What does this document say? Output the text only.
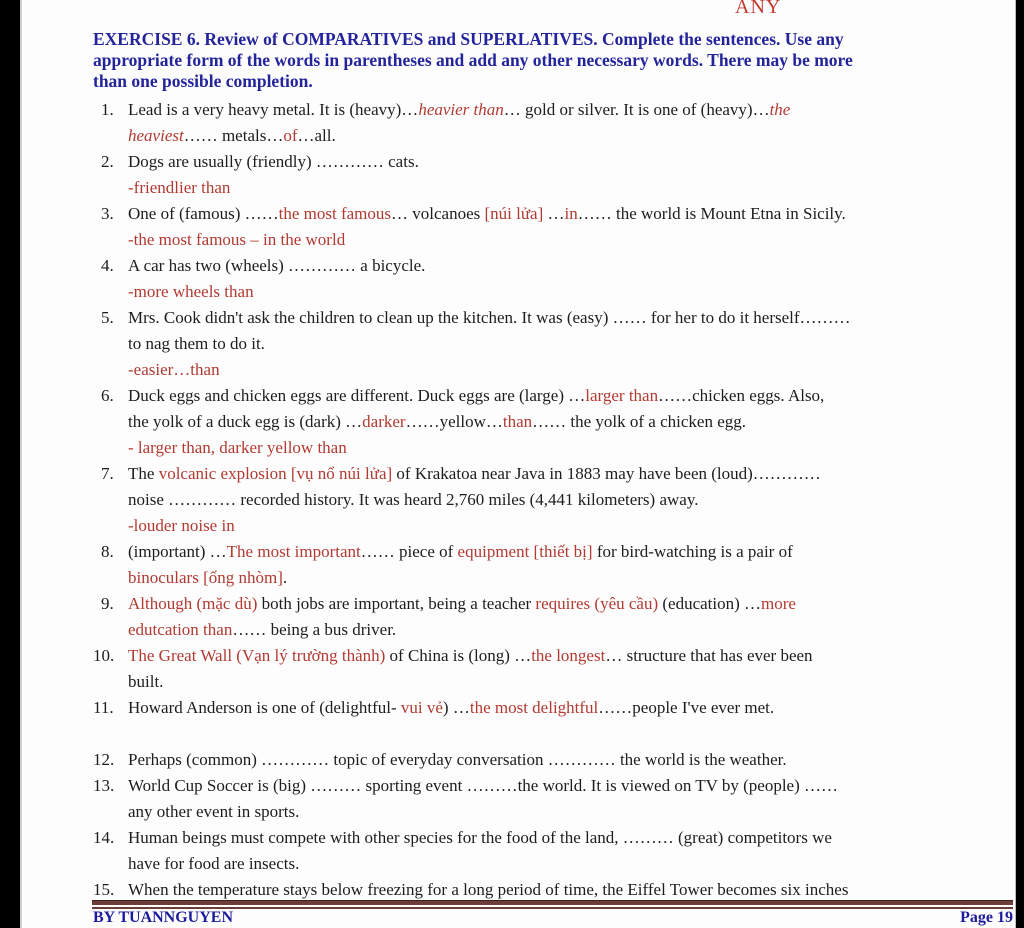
ANY
EXERCISE 6. Review of COMPARATIVES and SUPERLATIVES. Complete the sentences. Use any
appropriate form of the words in parentheses and add any other necessary words. There may be more
than one possible completion.
1. Lead is a very heavy metal. It is (heavy)…heavier than… gold or silver. It is one of (heavy)…the
heaviest…… metals…of…all.
2. Dogs are usually (friendly) ………… cats.
-friendlier than
3. One of (famous) ……the most famous… volcanoes [núi lửa] …in…… the world is Mount Etna in Sicily.
-the most famous – in the world
4. A car has two (wheels) ………… a bicycle.
-more wheels than
5. Mrs. Cook didn't ask the children to clean up the kitchen. It was (easy) …… for her to do it herself………
to nag them to do it.
-easier…than
6. Duck eggs and chicken eggs are different. Duck eggs are (large) …larger than……chicken eggs. Also,
the yolk of a duck egg is (dark) …darker……yellow…than…… the yolk of a chicken egg.
- larger than, darker yellow than
7. The volcanic explosion [vụ nổ núi lửa] of Krakatoa near Java in 1883 may have been (loud)…………
noise ………… recorded history. It was heard 2,760 miles (4,441 kilometers) away.
-louder noise in
8. (important) …The most important…… piece of equipment [thiết bị] for bird-watching is a pair of
binoculars [ống nhòm].
9. Although (mặc dù) both jobs are important, being a teacher requires (yêu cầu) (education) …more
edutcation than…… being a bus driver.
10. The Great Wall (Vạn lý trường thành) of China is (long) …the longest… structure that has ever been
built.
11. Howard Anderson is one of (delightful- vui vẻ) …the most delightful……people I've ever met.
12. Perhaps (common) ………… topic of everyday conversation ………… the world is the weather.
13. World Cup Soccer is (big) ……… sporting event ………the world. It is viewed on TV by (people) ……
any other event in sports.
14. Human beings must compete with other species for the food of the land, ……… (great) competitors we
have for food are insects.
15. When the temperature stays below freezing for a long period of time, the Eiffel Tower becomes six inches
BY TUANNGUYEN	Page 19
